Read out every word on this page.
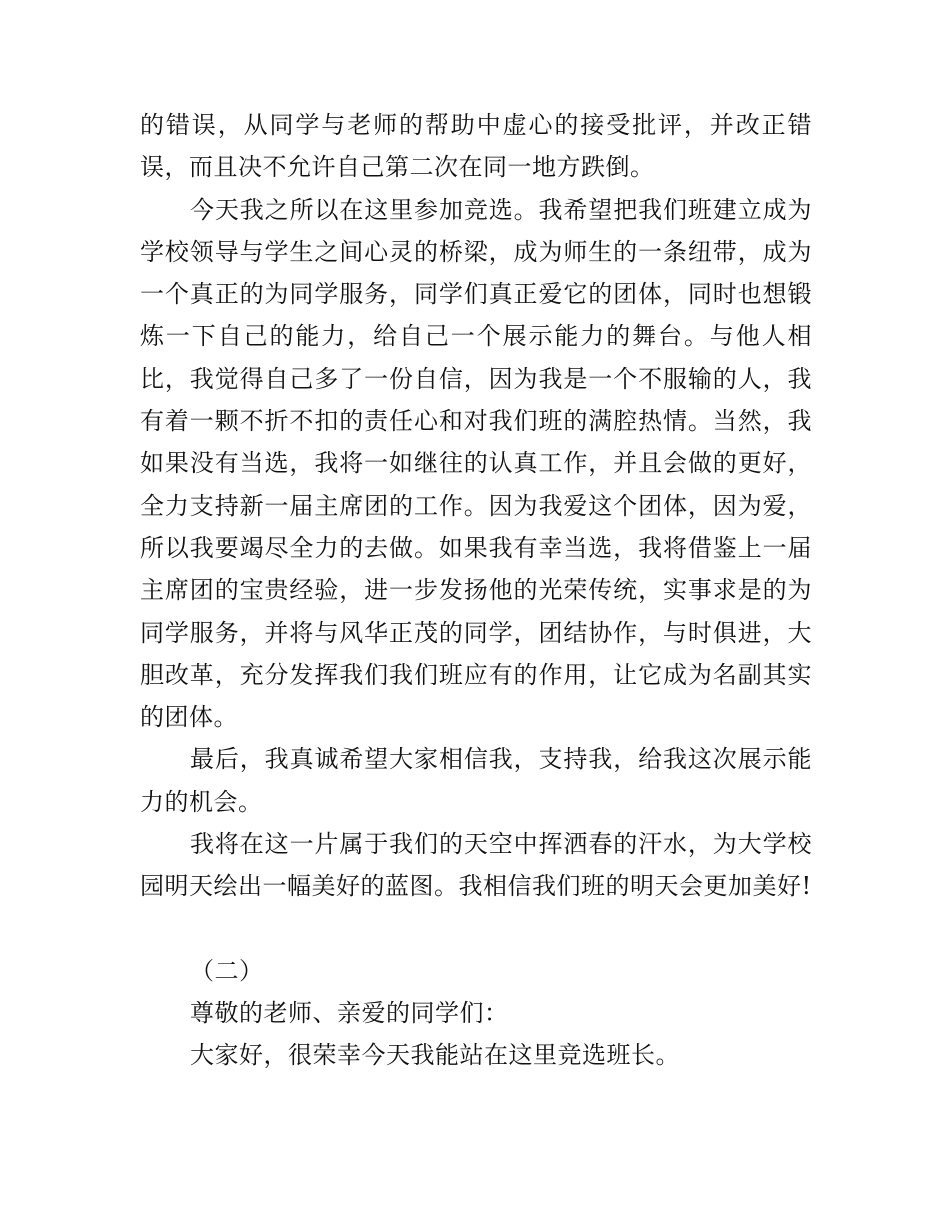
的错误，从同学与老师的帮助中虚心的接受批评，并改正错误，而且决不允许自己第二次在同一地方跌倒。

今天我之所以在这里参加竞选。我希望把我们班建立成为学校领导与学生之间心灵的桥梁，成为师生的一条纽带，成为一个真正的为同学服务，同学们真正爱它的团体，同时也想锻炼一下自己的能力，给自己一个展示能力的舞台。与他人相比，我觉得自己多了一份自信，因为我是一个不服输的人，我有着一颗不折不扣的责任心和对我们班的满腔热情。当然，我如果没有当选，我将一如继往的认真工作，并且会做的更好，全力支持新一届主席团的工作。因为我爱这个团体，因为爱，所以我要竭尽全力的去做。如果我有幸当选，我将借鉴上一届主席团的宝贵经验，进一步发扬他的光荣传统，实事求是的为同学服务，并将与风华正茂的同学，团结协作，与时俱进，大胆改革，充分发挥我们我们班应有的作用，让它成为名副其实的团体。

最后，我真诚希望大家相信我，支持我，给我这次展示能力的机会。

我将在这一片属于我们的天空中挥洒春的汗水，为大学校园明天绘出一幅美好的蓝图。我相信我们班的明天会更加美好!

（二）

尊敬的老师、亲爱的同学们：

大家好，很荣幸今天我能站在这里竞选班长。
